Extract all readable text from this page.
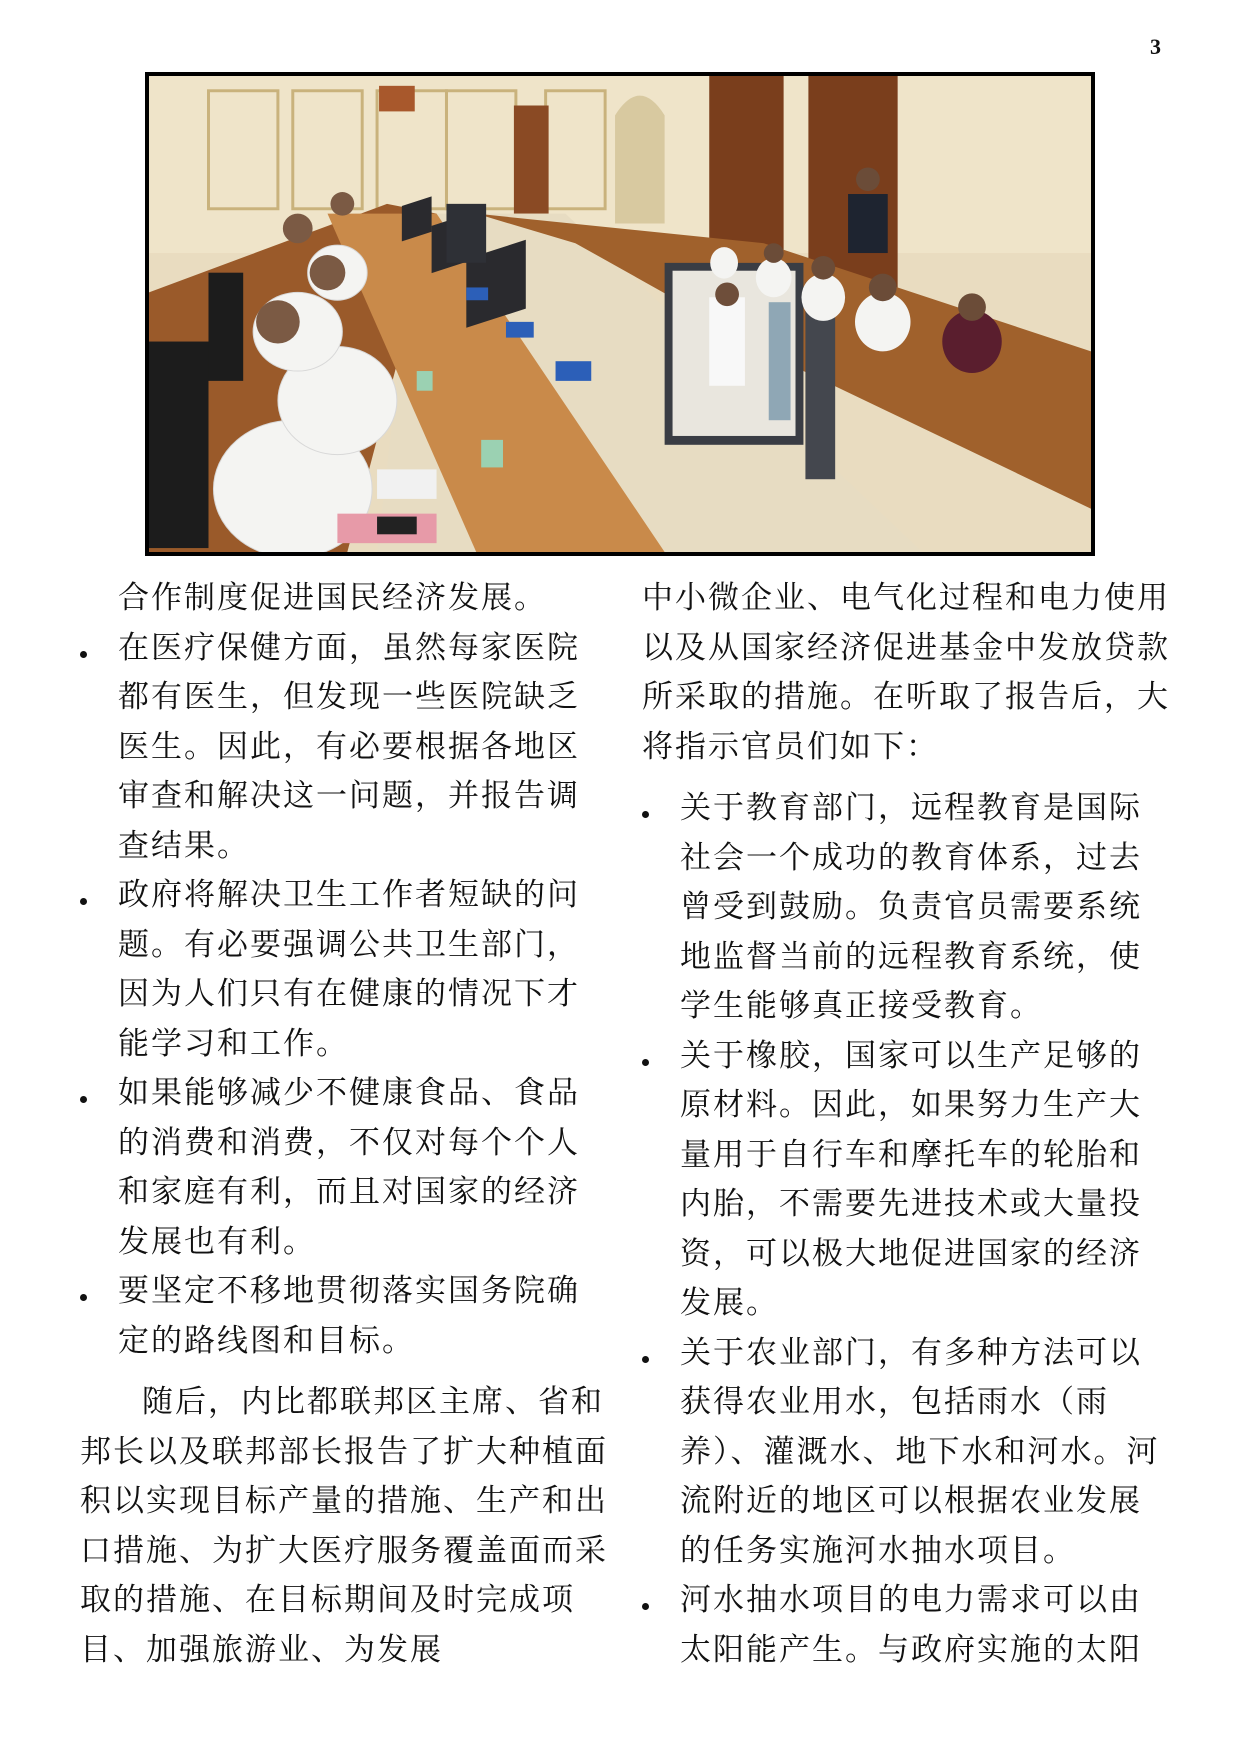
3

合作制度促进国民经济发展。

在医疗保健方面，虽然每家医院都有医生，但发现一些医院缺乏医生。因此，有必要根据各地区审查和解决这一问题，并报告调查结果。
政府将解决卫生工作者短缺的问题。有必要强调公共卫生部门，因为人们只有在健康的情况下才能学习和工作。
如果能够减少不健康食品、食品的消费和消费，不仅对每个个人和家庭有利，而且对国家的经济发展也有利。
要坚定不移地贯彻落实国务院确定的路线图和目标。

随后，内比都联邦区主席、省和邦长以及联邦部长报告了扩大种植面积以实现目标产量的措施、生产和出口措施、为扩大医疗服务覆盖面而采取的措施、在目标期间及时完成项目、加强旅游业、为发展

中小微企业、电气化过程和电力使用以及从国家经济促进基金中发放贷款所采取的措施。在听取了报告后，大将指示官员们如下：

关于教育部门，远程教育是国际社会一个成功的教育体系，过去曾受到鼓励。负责官员需要系统地监督当前的远程教育系统，使学生能够真正接受教育。
关于橡胶，国家可以生产足够的原材料。因此，如果努力生产大量用于自行车和摩托车的轮胎和内胎，不需要先进技术或大量投资，可以极大地促进国家的经济发展。
关于农业部门，有多种方法可以获得农业用水，包括雨水（雨养）、灌溉水、地下水和河水。河流附近的地区可以根据农业发展的任务实施河水抽水项目。
河水抽水项目的电力需求可以由太阳能产生。与政府实施的太阳
